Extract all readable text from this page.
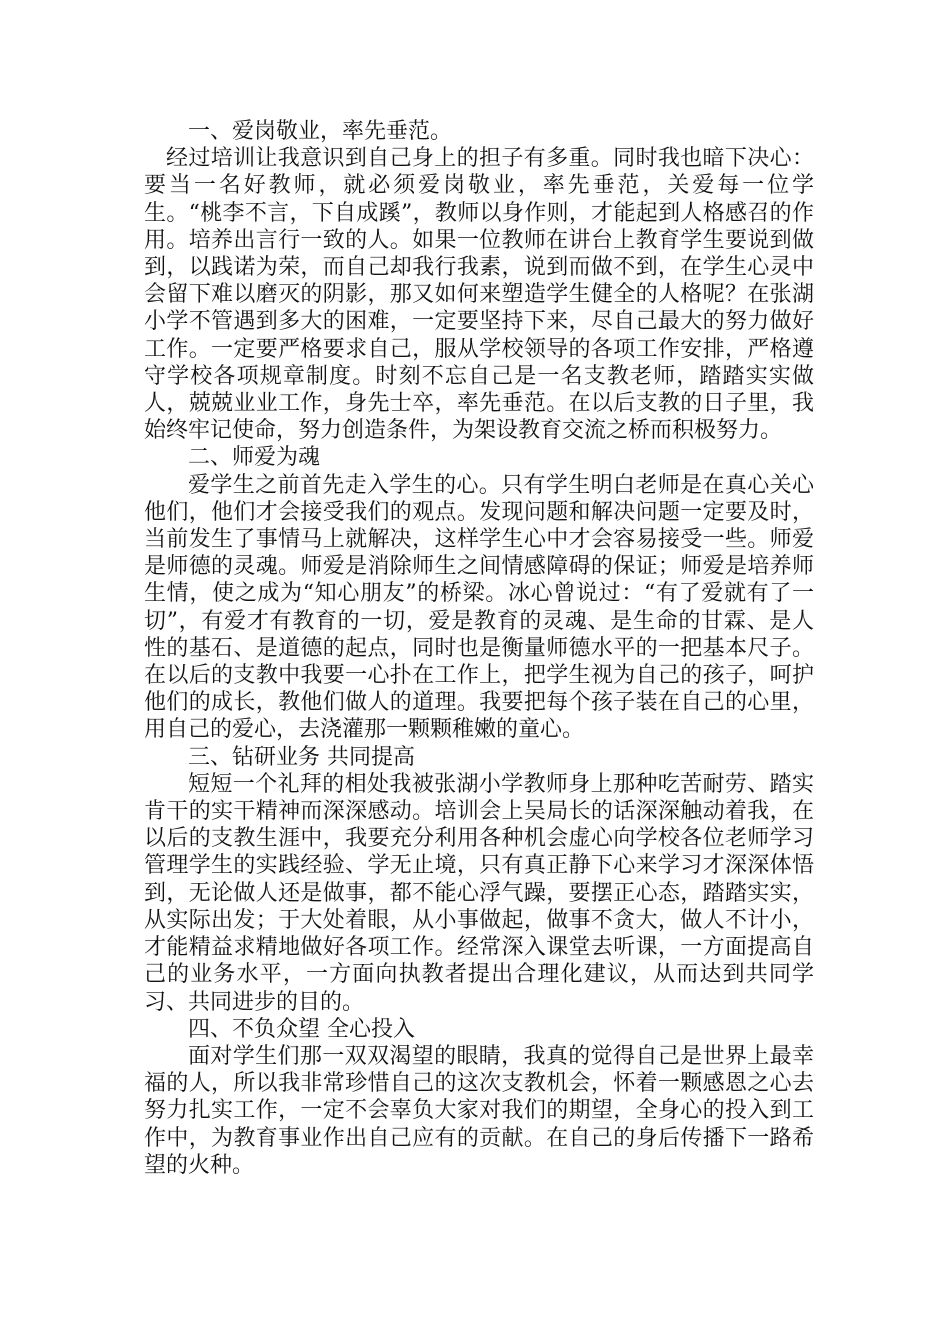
一、爱岗敬业，率先垂范。

经过培训让我意识到自己身上的担子有多重。同时我也暗下决心：要当一名好教师，就必须爱岗敬业，率先垂范，关爱每一位学生。“桃李不言，下自成蹊”，教师以身作则，才能起到人格感召的作用。培养出言行一致的人。如果一位教师在讲台上教育学生要说到做到，以践诺为荣，而自己却我行我素，说到而做不到，在学生心灵中会留下难以磨灭的阴影，那又如何来塑造学生健全的人格呢？在张湖小学不管遇到多大的困难，一定要坚持下来，尽自己最大的努力做好工作。一定要严格要求自己，服从学校领导的各项工作安排，严格遵守学校各项规章制度。时刻不忘自己是一名支教老师，踏踏实实做人，兢兢业业工作，身先士卒，率先垂范。在以后支教的日子里，我始终牢记使命，努力创造条件，为架设教育交流之桥而积极努力。

二、师爱为魂

爱学生之前首先走入学生的心。只有学生明白老师是在真心关心他们，他们才会接受我们的观点。发现问题和解决问题一定要及时，当前发生了事情马上就解决，这样学生心中才会容易接受一些。师爱是师德的灵魂。师爱是消除师生之间情感障碍的保证；师爱是培养师生情，使之成为“知心朋友”的桥梁。冰心曾说过：“有了爱就有了一切”，有爱才有教育的一切，爱是教育的灵魂、是生命的甘霖、是人性的基石、是道德的起点，同时也是衡量师德水平的一把基本尺子。在以后的支教中我要一心扑在工作上，把学生视为自己的孩子，呵护他们的成长，教他们做人的道理。我要把每个孩子装在自己的心里，用自己的爱心，去浇灌那一颗颗稚嫩的童心。

三、钻研业务 共同提高

短短一个礼拜的相处我被张湖小学教师身上那种吃苦耐劳、踏实肯干的实干精神而深深感动。培训会上吴局长的话深深触动着我，在以后的支教生涯中，我要充分利用各种机会虚心向学校各位老师学习管理学生的实践经验、学无止境，只有真正静下心来学习才深深体悟到，无论做人还是做事，都不能心浮气躁，要摆正心态，踏踏实实，从实际出发；于大处着眼，从小事做起，做事不贪大，做人不计小，才能精益求精地做好各项工作。经常深入课堂去听课，一方面提高自己的业务水平，一方面向执教者提出合理化建议，从而达到共同学习、共同进步的目的。

四、不负众望 全心投入

面对学生们那一双双渴望的眼睛，我真的觉得自己是世界上最幸福的人，所以我非常珍惜自己的这次支教机会，怀着一颗感恩之心去努力扎实工作，一定不会辜负大家对我们的期望，全身心的投入到工作中，为教育事业作出自己应有的贡献。在自己的身后传播下一路希望的火种。
